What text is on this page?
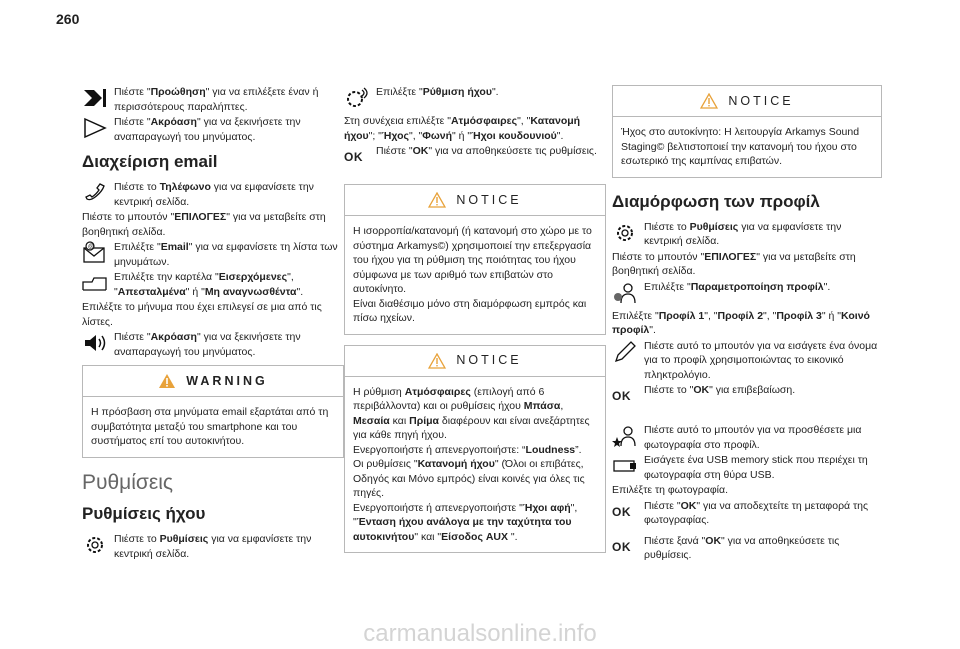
260
Πιέστε "Προώθηση" για να επιλέξετε έναν ή περισσότερους παραλήπτες.
Πιέστε "Ακρόαση" για να ξεκινήσετε την αναπαραγωγή του μηνύματος.
Διαχείριση email
Πιέστε το Τηλέφωνο για να εμφανίσετε την κεντρική σελίδα.
Πιέστε το μπουτόν "ΕΠΙΛΟΓΕΣ" για να μεταβείτε στη βοηθητική σελίδα.
@ Επιλέξτε "Email" για να εμφανίσετε τη λίστα των μηνυμάτων.
Επιλέξτε την καρτέλα "Εισερχόμενες", "Απεσταλμένα" ή "Μη αναγνωσθέντα".
Επιλέξτε το μήνυμα που έχει επιλεγεί σε μια από τις λίστες.
Πιέστε "Ακρόαση" για να ξεκινήσετε την αναπαραγωγή του μηνύματος.
WARNING
Η πρόσβαση στα μηνύματα email εξαρτάται από τη συμβατότητα μεταξύ του smartphone και του συστήματος επί του αυτοκινήτου.
Ρυθμίσεις
Ρυθμίσεις ήχου
Πιέστε το Ρυθμίσεις για να εμφανίσετε την κεντρική σελίδα.
Επιλέξτε "Ρύθμιση ήχου".
Στη συνέχεια επιλέξτε "Ατμόσφαιρες", "Κατανομή ήχου"; "Ήχος", "Φωνή" ή "Ήχοι κουδουνιού".
OK	Πιέστε "OK" για να αποθηκεύσετε τις ρυθμίσεις.
NOTICE
Η ισορροπία/κατανομή (ή κατανομή στο χώρο με το σύστημα Arkamys©) χρησιμοποιεί την επεξεργασία του ήχου για τη ρύθμιση της ποιότητας του ήχου σύμφωνα με των αριθμό των επιβατών στο αυτοκίνητο.
Είναι διαθέσιμο μόνο στη διαμόρφωση εμπρός και πίσω ηχείων.
NOTICE
Η ρύθμιση Ατμόσφαιρες (επιλογή από 6 περιβάλλοντα) και οι ρυθμίσεις ήχου Μπάσα, Μεσαία και Πρίμα διαφέρουν και είναι ανεξάρτητες για κάθε πηγή ήχου.
Ενεργοποιήστε ή απενεργοποιήστε: “Loudness”.
Οι ρυθμίσεις "Κατανομή ήχου" (Όλοι οι επιβάτες, Οδηγός και Μόνο εμπρός) είναι κοινές για όλες τις πηγές.
Ενεργοποιήστε ή απενεργοποιήστε "Ήχοι αφή", "Ένταση ήχου ανάλογα με την ταχύτητα του αυτοκινήτου" και "Είσοδος AUX ".
NOTICE
Ήχος στο αυτοκίνητο: Η λειτουργία Arkamys Sound Staging© βελτιστοποιεί την κατανομή του ήχου στο εσωτερικό της καμπίνας επιβατών.
Διαμόρφωση των προφίλ
Πιέστε το Ρυθμίσεις για να εμφανίσετε την κεντρική σελίδα.
Πιέστε το μπουτόν "ΕΠΙΛΟΓΕΣ" για να μεταβείτε στη βοηθητική σελίδα.
Επιλέξτε "Παραμετροποίηση προφίλ".
Επιλέξτε "Προφίλ 1", "Προφίλ 2", "Προφίλ 3" ή "Κοινό προφίλ".
Πιέστε αυτό το μπουτόν για να εισάγετε ένα όνομα για το προφίλ χρησιμοποιώντας το εικονικό πληκτρολόγιο.
OK	Πιέστε το "OK" για επιβεβαίωση.
Πιέστε αυτό το μπουτόν για να προσθέσετε μια φωτογραφία στο προφίλ.
Εισάγετε ένα USB memory stick που περιέχει τη φωτογραφία στη θύρα USB.
Επιλέξτε τη φωτογραφία.
OK	Πιέστε "OK" για να αποδεχτείτε τη μεταφορά της φωτογραφίας.
OK	Πιέστε ξανά "OK" για να αποθηκεύσετε τις ρυθμίσεις.
carmanualsonline.info
